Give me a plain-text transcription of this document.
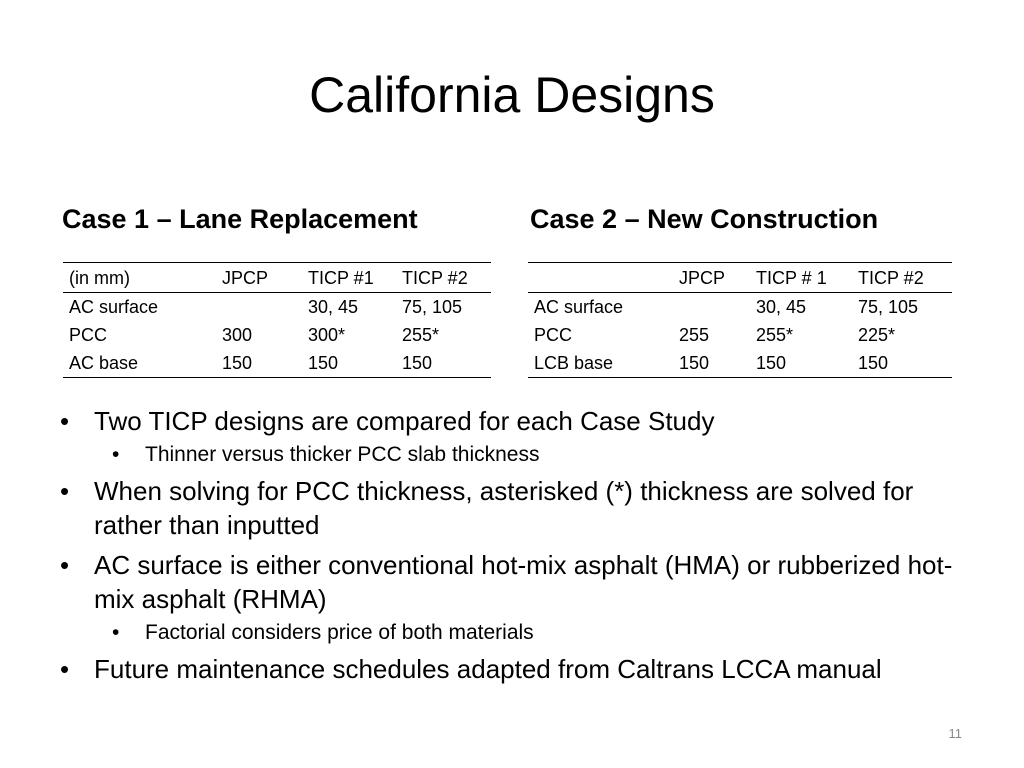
California Designs
Case 1 – Lane Replacement	Case 2 – New Construction
(in mm)	JPCP	TICP #1	TICP #2
AC surface		30, 45	75, 105
PCC	300	300*	255*
AC base	150	150	150
	JPCP	TICP # 1	TICP #2
AC surface		30, 45	75, 105
PCC	255	255*	225*
LCB base	150	150	150
• Two TICP designs are compared for each Case Study
• Thinner versus thicker PCC slab thickness
• When solving for PCC thickness, asterisked (*) thickness are solved for rather than inputted
• AC surface is either conventional hot-mix asphalt (HMA) or rubberized hot-mix asphalt (RHMA)
• Factorial considers price of both materials
• Future maintenance schedules adapted from Caltrans LCCA manual
11
